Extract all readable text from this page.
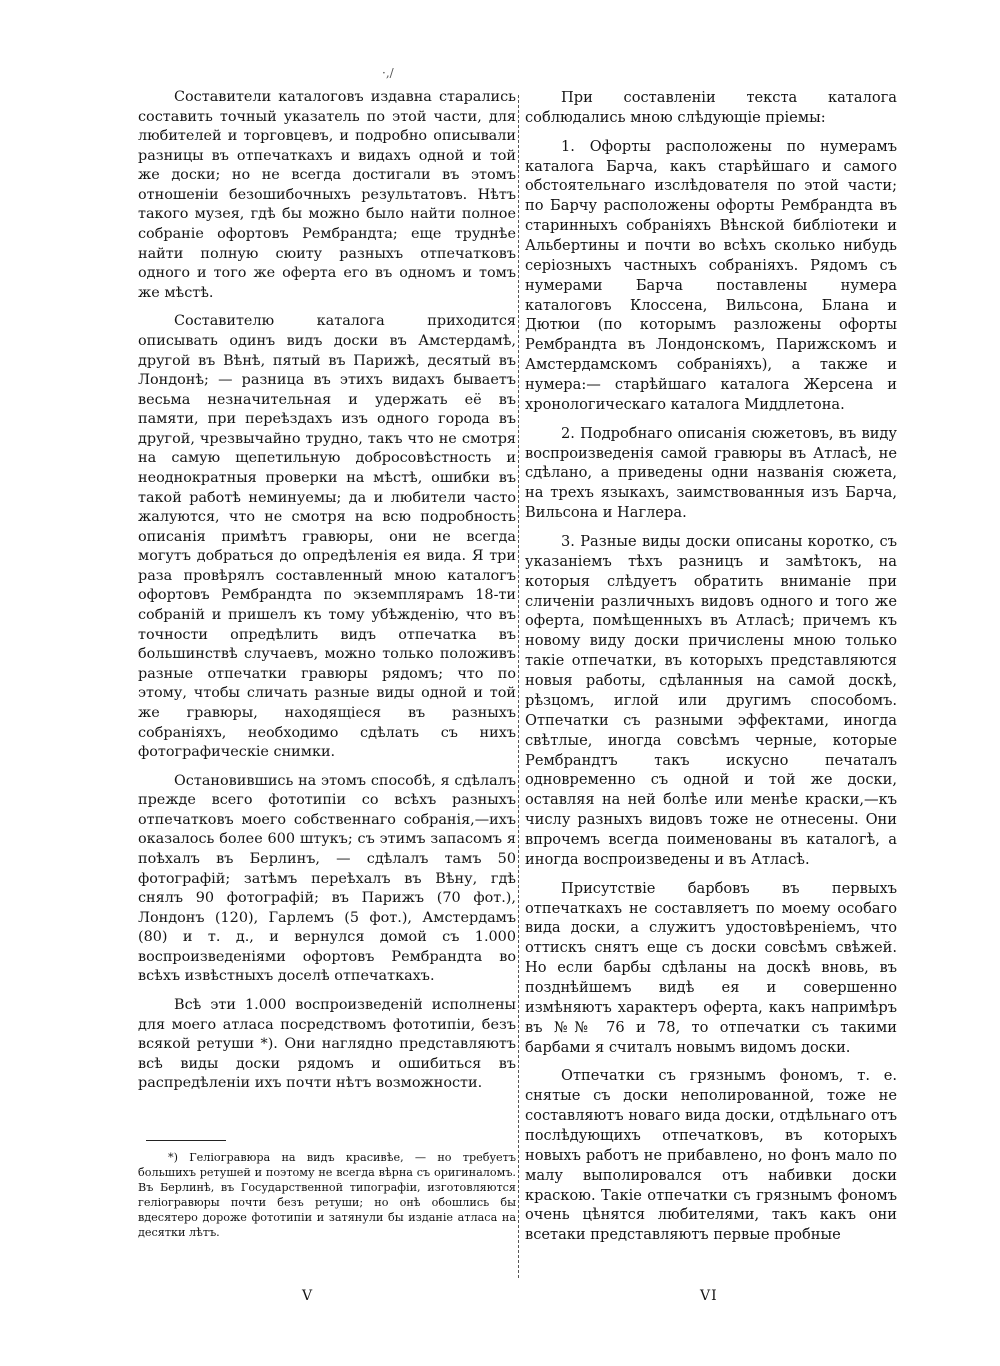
·,/

Составители каталоговъ издавна старались составить точный указатель по этой части, для любителей и торговцевъ, и подробно описывали разницы въ отпечаткахъ и видахъ одной и той же доски; но не всегда достигали въ этомъ отношенiи безошибочныхъ результатовъ. Нѣтъ такого музея, гдѣ бы можно было найти полное собранiе офортовъ Рембрандта; еще труднѣе найти полную сюиту разныхъ отпечатковъ одного и того же оферта его въ одномъ и томъ же мѣстѣ.

Составителю каталога приходится описывать одинъ видъ доски въ Амстердамѣ, другой въ Вѣнѣ, пятый въ Парижѣ, десятый въ Лондонѣ; — разница въ этихъ видахъ бываетъ весьма незначительная и удержать её въ памяти, при переѣздахъ изъ одного города въ другой, чрезвычайно трудно, такъ что не смотря на самую щепетильную добросовѣстность и неоднократныя проверки на мѣстѣ, ошибки въ такой работѣ неминуемы; да и любители часто жалуются, что не смотря на всю подробность описанiя примѣтъ гравюры, они не всегда могутъ добраться до опредѣленiя ея вида. Я три раза провѣрялъ составленный мною каталогъ офортовъ Рембрандта по экземплярамъ 18-ти собранiй и пришелъ къ тому убѣжденiю, что въ точности опредѣлить видъ отпечатка въ большинствѣ случаевъ, можно только положивъ разные отпечатки гравюры рядомъ; что по этому, чтобы сличать разные виды одной и той же гравюры, находящiеся въ разныхъ собранiяхъ, необходимо сдѣлать съ нихъ фотографическiе снимки.

Остановившись на этомъ способѣ, я сдѣлалъ прежде всего фототипiи со всѣхъ разныхъ отпечатковъ моего собственнаго собранiя,—ихъ оказалось более 600 штукъ; съ этимъ запасомъ я поѣхалъ въ Берлинъ, — сдѣлалъ тамъ 50 фотографiй; затѣмъ переѣхалъ въ Вѣну, гдѣ снялъ 90 фотографiй; въ Парижъ (70 фот.), Лондонъ (120), Гарлемъ (5 фот.), Амстердамъ (80) и т. д., и вернулся домой съ 1.000 воспроизведенiями офортовъ Рембрандта во всѣхъ извѣстныхъ доселѣ отпечаткахъ.

Всѣ эти 1.000 воспроизведенiй исполнены для моего атласа посредствомъ фототипiи, безъ всякой ретуши *). Они наглядно представляютъ всѣ виды доски рядомъ и ошибиться въ распредѣленiи ихъ почти нѣтъ возможности.

*) Гелiогравюра на видъ красивѣе, — но требуетъ большихъ ретушей и поэтому не всегда вѣрна съ оригиналомъ. Въ Берлинѣ, въ Государственной типографiи, изготовляются гелiогравюры почти безъ ретуши; но онѣ обошлись бы вдесятеро дороже фототипiи и затянули бы изданiе атласа на десятки лѣтъ.

При составленiи текста каталога соблюдались мною слѣдующiе прiемы:

1. Офорты расположены по нумерамъ каталога Барча, какъ старѣйшаго и самого обстоятельнаго изслѣдователя по этой части; по Барчу расположены офорты Рембрандта въ старинныхъ собранiяхъ Вѣнской библiотеки и Альбертины и почти во всѣхъ сколько нибудь серiозныхъ частныхъ собранiяхъ. Рядомъ съ нумерами Барча поставлены нумера каталоговъ Клоссена, Вильсона, Блана и Дютюи (по которымъ разложены офорты Рембрандта въ Лондонскомъ, Парижскомъ и Амстердамскомъ собранiяхъ), а также и нумера:— старѣйшаго каталога Жерсена и хронологическаго каталога Миддлетона.

2. Подробнаго описанiя сюжетовъ, въ виду воспроизведенiя самой гравюры въ Атласѣ, не сдѣлано, а приведены одни названiя сюжета, на трехъ языкахъ, заимствованныя изъ Барча, Вильсона и Наглера.

3. Разные виды доски описаны коротко, съ указанiемъ тѣхъ разницъ и замѣтокъ, на которыя слѣдуетъ обратить вниманiе при сличенiи различныхъ видовъ одного и того же оферта, помѣщенныхъ въ Атласѣ; причемъ къ новому виду доски причислены мною только такiе отпечатки, въ которыхъ представляются новыя работы, сдѣланныя на самой доскѣ, рѣзцомъ, иглой или другимъ способомъ. Отпечатки съ разными эффектами, иногда свѣтлые, иногда совсѣмъ черные, которые Рембрандтъ такъ искусно печаталъ одновременно съ одной и той же доски, оставляя на ней болѣе или менѣе краски,—къ числу разныхъ видовъ тоже не отнесены. Они впрочемъ всегда поименованы въ каталогѣ, а иногда воспроизведены и въ Атласѣ.

Присутствiе барбовъ въ первыхъ отпечаткахъ не составляетъ по моему особаго вида доски, а служитъ удостовѣренiемъ, что оттискъ снятъ еще съ доски совсѣмъ свѣжей. Но если барбы сдѣланы на доскѣ вновь, въ позднѣйшемъ видѣ ея и совершенно измѣняютъ характеръ оферта, какъ напримѣръ въ №№ 76 и 78, то отпечатки съ такими барбами я считалъ новымъ видомъ доски.

Отпечатки съ грязнымъ фономъ, т. е. снятые съ доски неполированной, тоже не составляютъ новаго вида доски, отдѣльнаго отъ послѣдующихъ отпечатковъ, въ которыхъ новыхъ работъ не прибавлено, но фонъ мало по малу выполировался отъ набивки доски краскою. Такiе отпечатки съ грязнымъ фономъ очень цѣнятся любителями, такъ какъ они всетаки представляютъ первые пробные

V	VI
